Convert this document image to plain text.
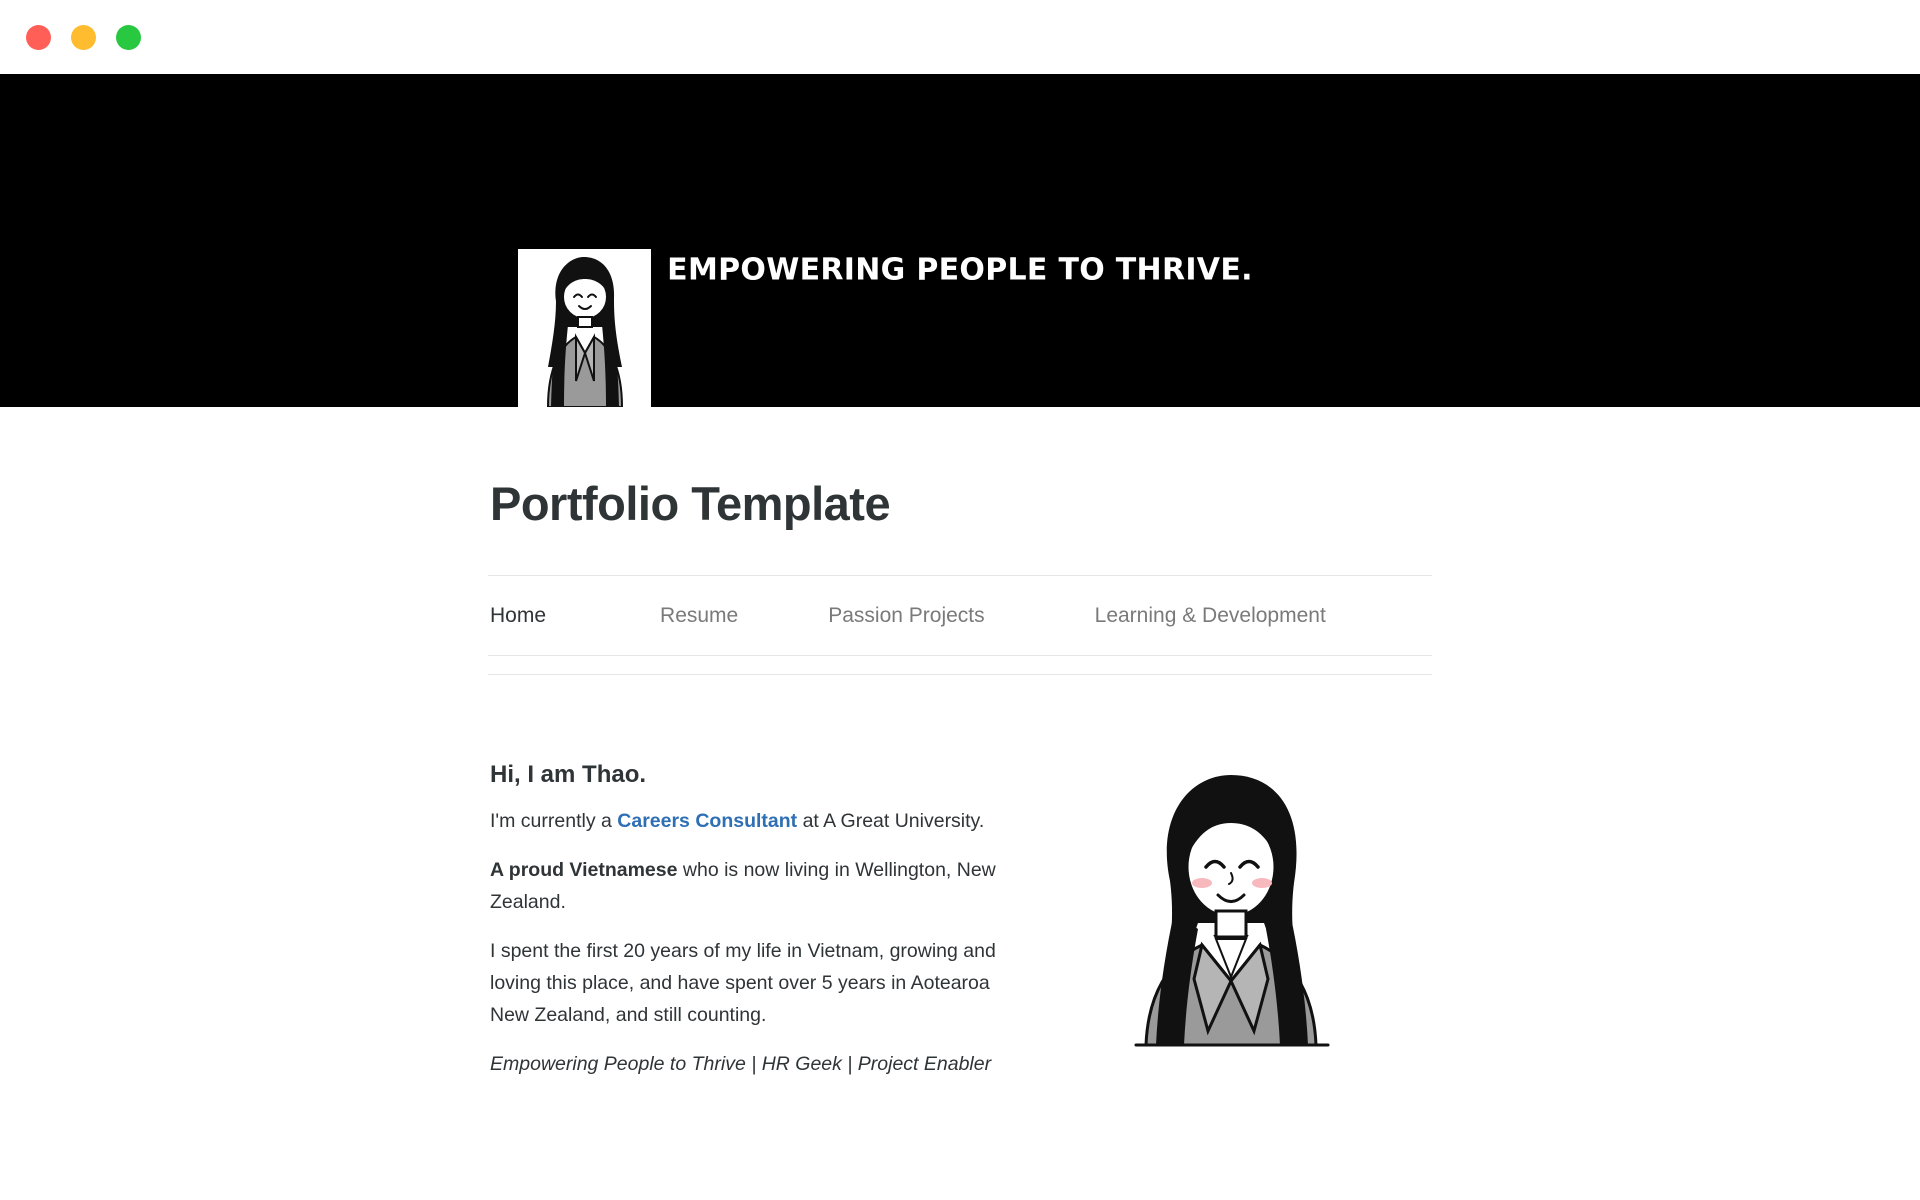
EMPOWERING PEOPLE TO THRIVE.
Portfolio Template
Home	Resume	Passion Projects	Learning & Development
Hi, I am Thao.

I'm currently a Careers Consultant at A Great University.

A proud Vietnamese who is now living in Wellington, New Zealand.

I spent the first 20 years of my life in Vietnam, growing and loving this place, and have spent over 5 years in Aotearoa New Zealand, and still counting.

Empowering People to Thrive | HR Geek | Project Enabler
